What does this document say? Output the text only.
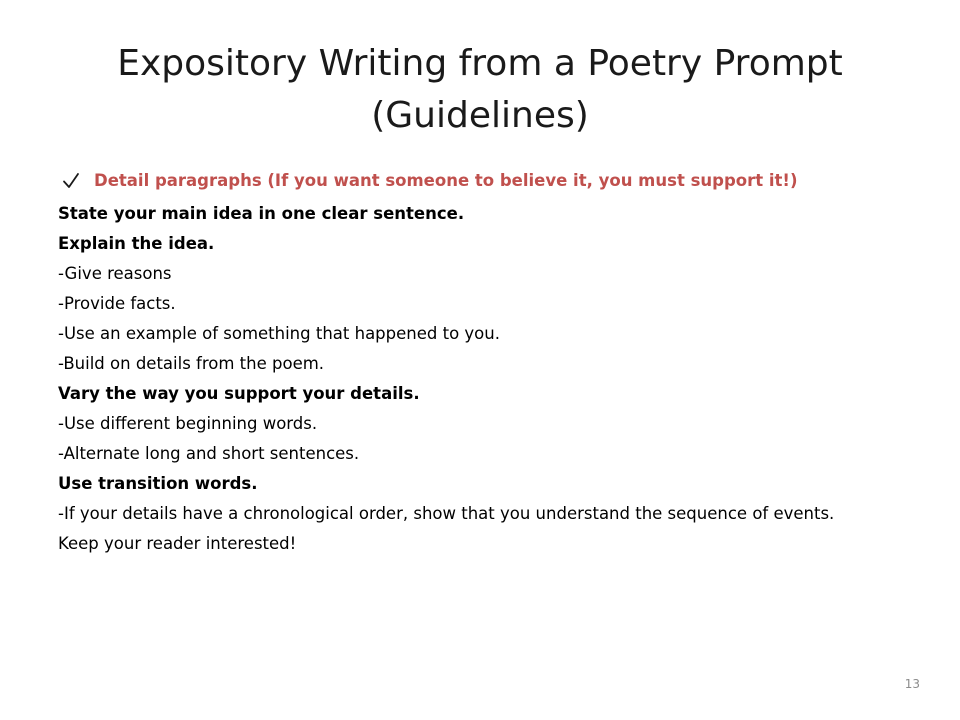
Expository Writing from a Poetry Prompt
(Guidelines)
Detail paragraphs (If you want someone to believe it, you must support it!)
State your main idea in one clear sentence.
Explain the idea.
-Give reasons
-Provide facts.
-Use an example of something that happened to you.
-Build on details from the poem.
Vary the way you support your details.
-Use different beginning words.
-Alternate long and short sentences.
Use transition words.
-If your details have a chronological order, show that you understand the sequence of events.
Keep your reader interested!
13
